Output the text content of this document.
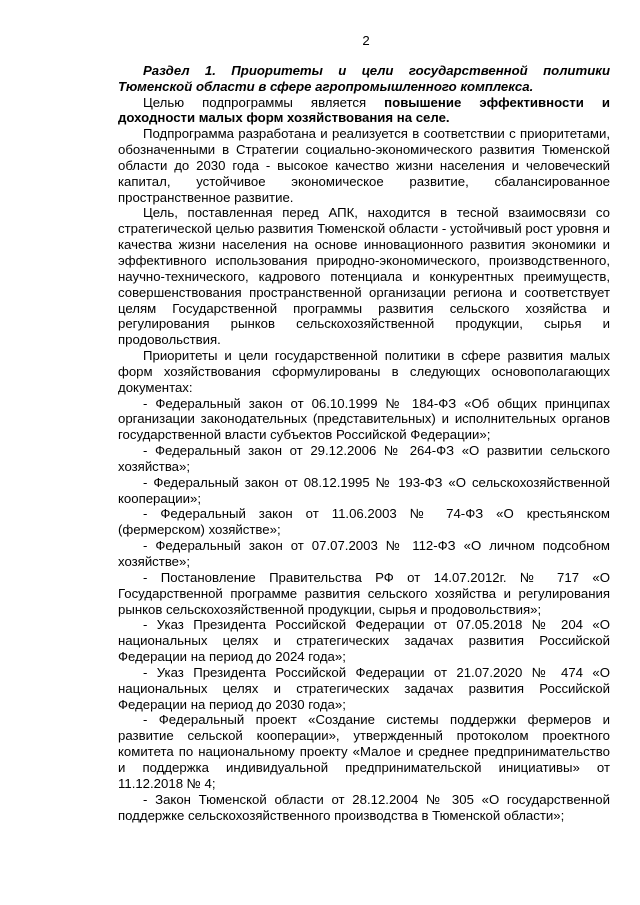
2

Раздел 1. Приоритеты и цели государственной политики Тюменской области в сфере агропромышленного комплекса.

Целью подпрограммы является повышение эффективности и доходности малых форм хозяйствования на селе.

Подпрограмма разработана и реализуется в соответствии с приоритетами, обозначенными в Стратегии социально-экономического развития Тюменской области до 2030 года - высокое качество жизни населения и человеческий капитал, устойчивое экономическое развитие, сбалансированное пространственное развитие.

Цель, поставленная перед АПК, находится в тесной взаимосвязи со стратегической целью развития Тюменской области - устойчивый рост уровня и качества жизни населения на основе инновационного развития экономики и эффективного использования природно-экономического, производственного, научно-технического, кадрового потенциала и конкурентных преимуществ, совершенствования пространственной организации региона и соответствует целям Государственной программы развития сельского хозяйства и регулирования рынков сельскохозяйственной продукции, сырья и продовольствия.

Приоритеты и цели государственной политики в сфере развития малых форм хозяйствования сформулированы в следующих основополагающих документах:

- Федеральный закон от 06.10.1999 № 184-ФЗ «Об общих принципах организации законодательных (представительных) и исполнительных органов государственной власти субъектов Российской Федерации»;

- Федеральный закон от 29.12.2006 № 264-ФЗ «О развитии сельского хозяйства»;

- Федеральный закон от 08.12.1995 № 193-ФЗ «О сельскохозяйственной кооперации»;

- Федеральный закон от 11.06.2003 № 74-ФЗ «О крестьянском (фермерском) хозяйстве»;

- Федеральный закон от 07.07.2003 № 112-ФЗ «О личном подсобном хозяйстве»;

- Постановление Правительства РФ от 14.07.2012г. № 717 «О Государственной программе развития сельского хозяйства и регулирования рынков сельскохозяйственной продукции, сырья и продовольствия»;

- Указ Президента Российской Федерации от 07.05.2018 № 204 «О национальных целях и стратегических задачах развития Российской Федерации на период до 2024 года»;

- Указ Президента Российской Федерации от 21.07.2020 № 474 «О национальных целях и стратегических задачах развития Российской Федерации на период до 2030 года»;

- Федеральный проект «Создание системы поддержки фермеров и развитие сельской кооперации», утвержденный протоколом проектного комитета по национальному проекту «Малое и среднее предпринимательство и поддержка индивидуальной предпринимательской инициативы» от 11.12.2018 № 4;

- Закон Тюменской области от 28.12.2004 № 305 «О государственной поддержке сельскохозяйственного производства в Тюменской области»;
